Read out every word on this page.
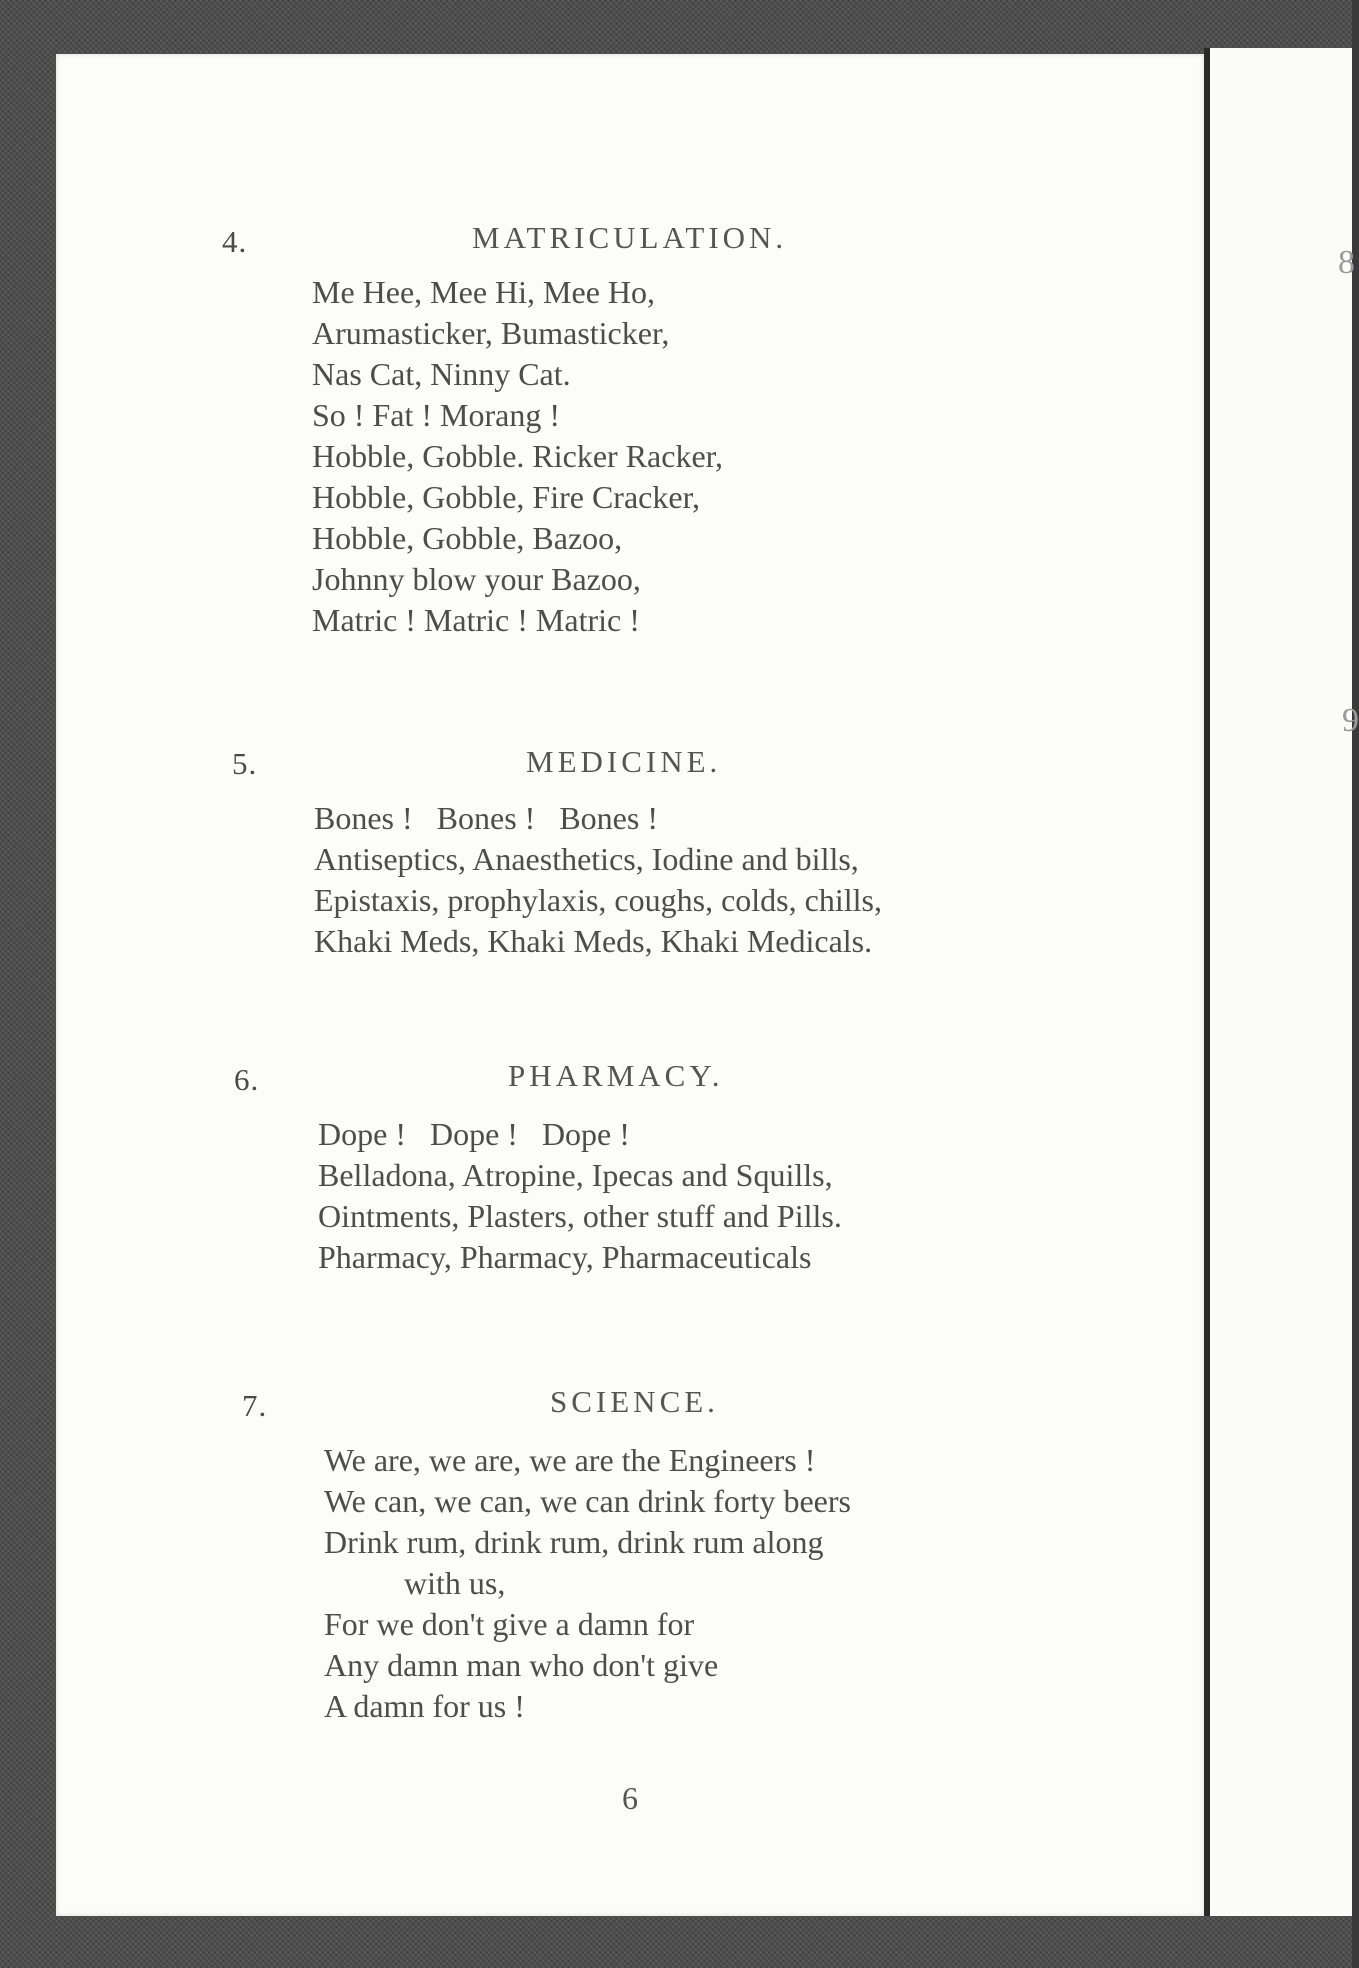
8
9
4.	MATRICULATION.
Me Hee, Mee Hi, Mee Ho,
Arumasticker, Bumasticker,
Nas Cat, Ninny Cat.
So ! Fat ! Morang !
Hobble, Gobble. Ricker Racker,
Hobble, Gobble, Fire Cracker,
Hobble, Gobble, Bazoo,
Johnny blow your Bazoo,
Matric ! Matric ! Matric !
5.	MEDICINE.
Bones !   Bones !   Bones !
Antiseptics, Anaesthetics, Iodine and bills,
Epistaxis, prophylaxis, coughs, colds, chills,
Khaki Meds, Khaki Meds, Khaki Medicals.
6.	PHARMACY.
Dope !   Dope !   Dope !
Belladona, Atropine, Ipecas and Squills,
Ointments, Plasters, other stuff and Pills.
Pharmacy, Pharmacy, Pharmaceuticals
7.	SCIENCE.
We are, we are, we are the Engineers !
We can, we can, we can drink forty beers
Drink rum, drink rum, drink rum along
with us,
For we don't give a damn for
Any damn man who don't give
A damn for us !
6
